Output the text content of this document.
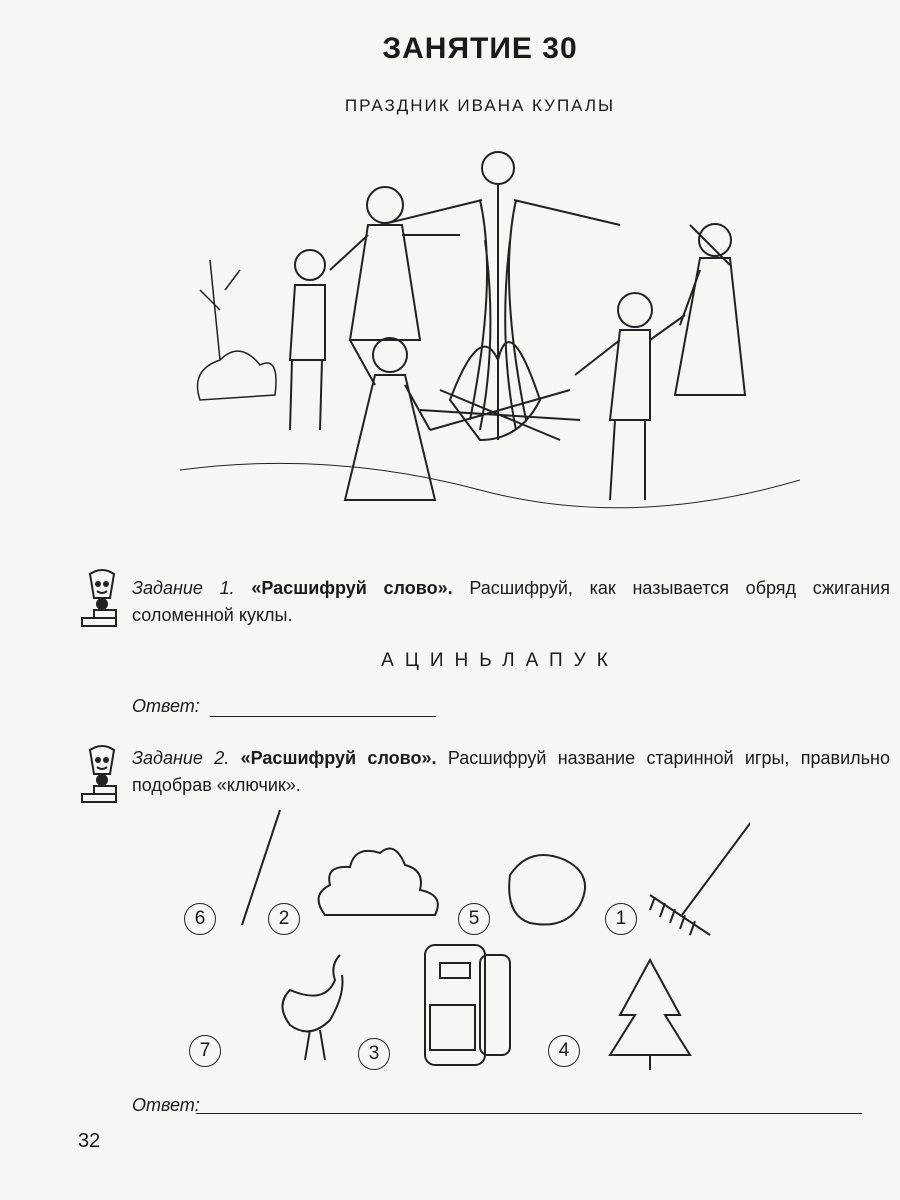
ЗАНЯТИЕ 30
ПРАЗДНИК ИВАНА КУПАЛЫ
Задание 1. «Расшифруй слово». Расшифруй, как называется обряд сжигания соломенной куклы.
АЦИНЬЛАПУК
Ответ:
Задание 2. «Расшифруй слово». Расшифруй название старинной игры, правильно подобрав «ключик».
6	2	5	1
7	3	4
Ответ:
32
